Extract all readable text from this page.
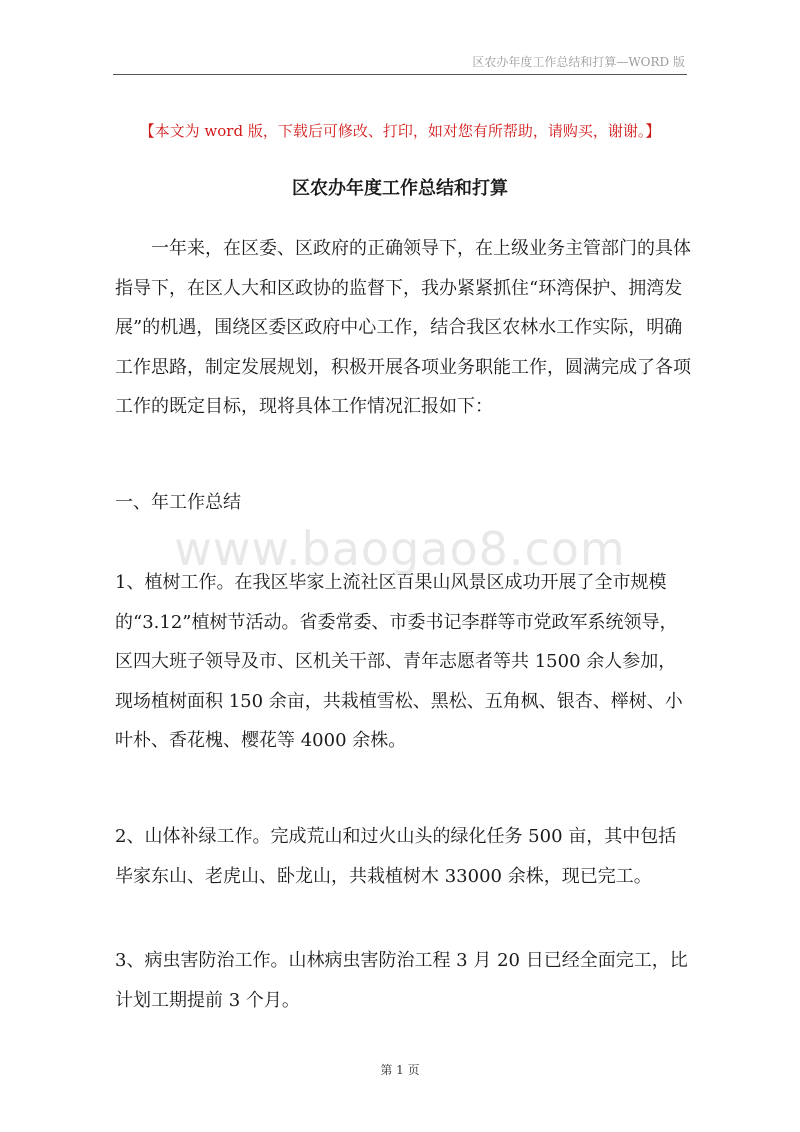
区农办年度工作总结和打算—WORD 版
【本文为 word 版，下载后可修改、打印，如对您有所帮助，请购买，谢谢。】
区农办年度工作总结和打算

一年来，在区委、区政府的正确领导下，在上级业务主管部门的具体指导下，在区人大和区政协的监督下，我办紧紧抓住“环湾保护、拥湾发展”的机遇，围绕区委区政府中心工作，结合我区农林水工作实际，明确工作思路，制定发展规划，积极开展各项业务职能工作，圆满完成了各项工作的既定目标，现将具体工作情况汇报如下：

一、年工作总结

www.baogao8.com

1、植树工作。在我区毕家上流社区百果山风景区成功开展了全市规模的“3.12”植树节活动。省委常委、市委书记李群等市党政军系统领导，区四大班子领导及市、区机关干部、青年志愿者等共 1500 余人参加，现场植树面积 150 余亩，共栽植雪松、黑松、五角枫、银杏、榉树、小叶朴、香花槐、樱花等 4000 余株。

2、山体补绿工作。完成荒山和过火山头的绿化任务 500 亩，其中包括毕家东山、老虎山、卧龙山，共栽植树木 33000 余株，现已完工。

3、病虫害防治工作。山林病虫害防治工程 3 月 20 日已经全面完工，比计划工期提前 3 个月。

第 1 页
